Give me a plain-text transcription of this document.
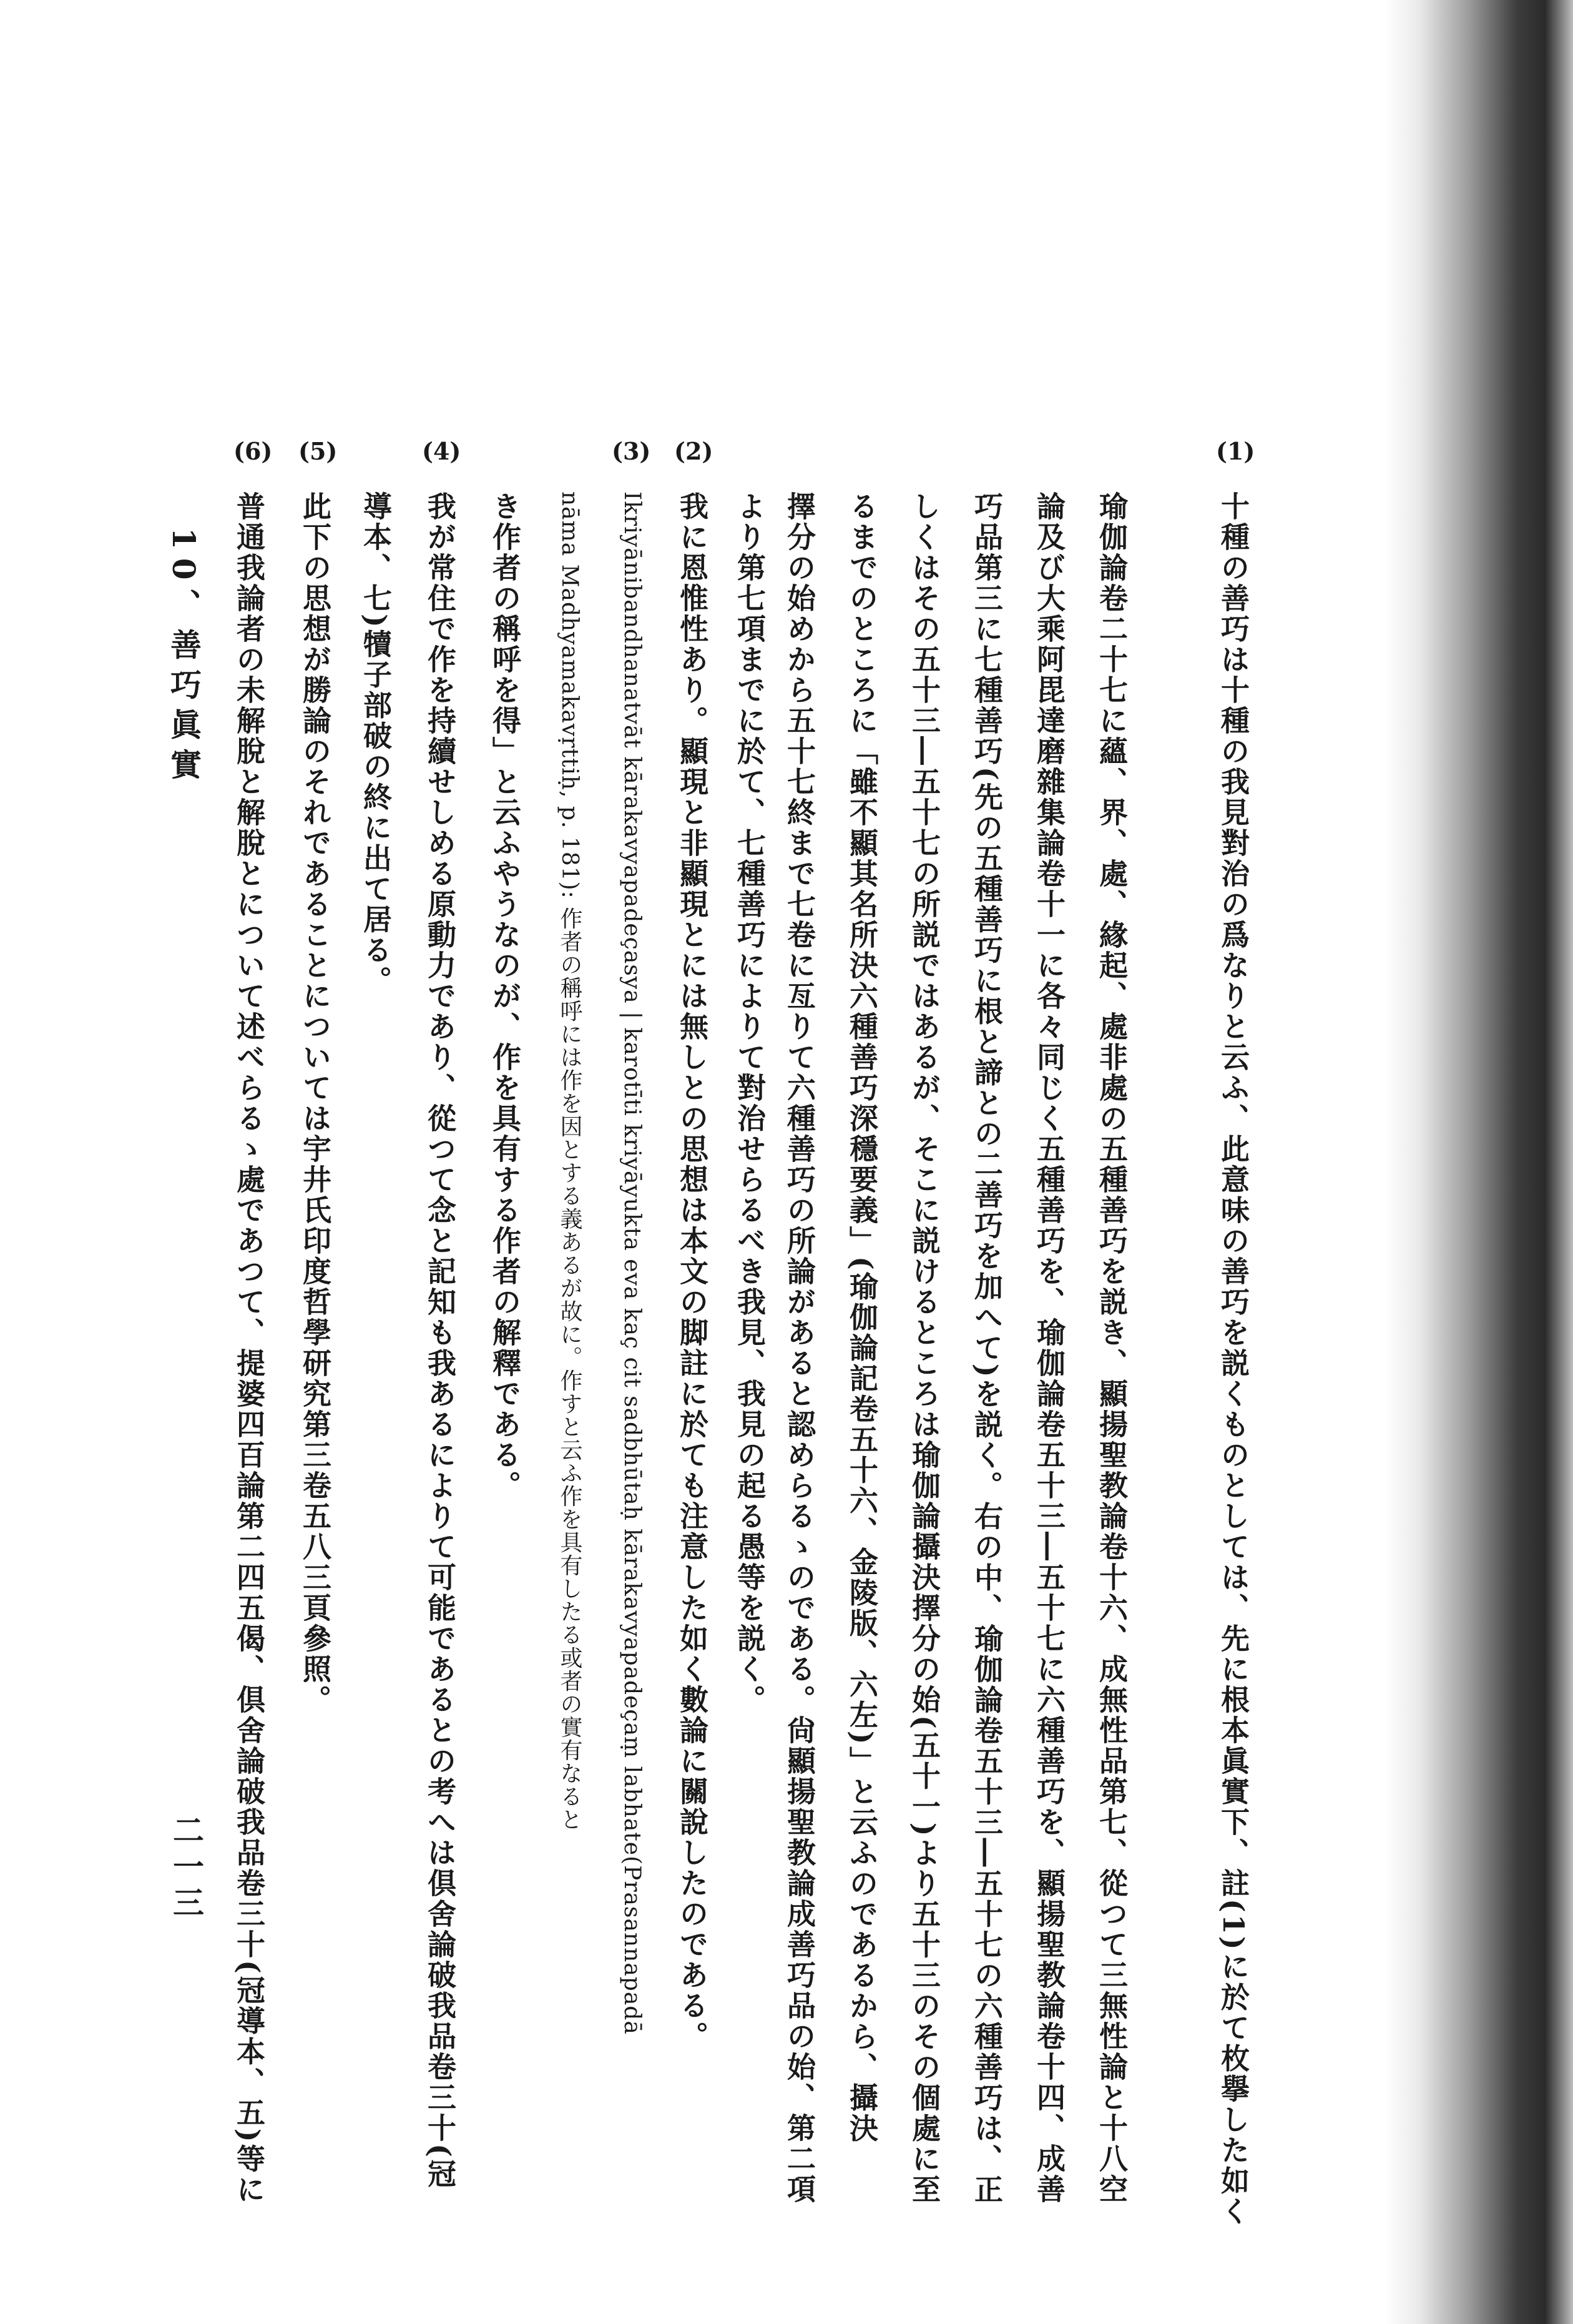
(1)
十種の善巧は十種の我見對治の爲なりと云ふ、此意味の善巧を説くものとしては、先に根本眞實下、註(1)に於て枚擧した如く
瑜伽論卷二十七に蘊、界、處、緣起、處非處の五種善巧を説き、顯揚聖教論卷十六、成無性品第七、從つて三無性論と十八空
論及び大乘阿毘達磨雜集論卷十一に各々同じく五種善巧を、瑜伽論卷五十三―五十七に六種善巧を、顯揚聖教論卷十四、成善
巧品第三に七種善巧(先の五種善巧に根と諦との二善巧を加へて)を説く。右の中、瑜伽論卷五十三―五十七の六種善巧は、正
しくはその五十三―五十七の所説ではあるが、そこに説けるところは瑜伽論攝決擇分の始(五十一)より五十三のその個處に至
るまでのところに「雖不顯其名所決六種善巧深穩要義」(瑜伽論記卷五十六、金陵版、六左)」と云ふのであるから、攝決
擇分の始めから五十七終まで七卷に亙りて六種善巧の所論があると認めらるゝのである。尙顯揚聖教論成善巧品の始、第二項
より第七項までに於て、七種善巧によりて對治せらるべき我見、我見の起る愚等を説く。
(2)
我に恩惟性あり。顯現と非顯現とには無しとの思想は本文の脚註に於ても注意した如く數論に關說したのである。
(3)
Ikriyānibandhanatvāt kārakavyapadeçasya | karotīti kriyāyukta eva kaç cit sadbhūtaḥ kārakavyapadeçaṃ labhate(Prasannapadā
nāma Madhyamakavṛttiḥ, p. 181): 作者の稱呼には作を因とする義あるが故に。作すと云ふ作を具有したる或者の實有なると
き作者の稱呼を得」と云ふやうなのが、作を具有する作者の解釋である。
(4)
我が常住で作を持續せしめる原動力であり、從つて念と記知も我あるによりて可能であるとの考へは倶舍論破我品卷三十(冠
導本、七)犢子部破の終に出て居る。
(5)
此下の思想が勝論のそれであることについては宇井氏印度哲學研究第三卷五八三頁參照。
(6)
普通我論者の未解脫と解脫とについて述べらるゝ處であつて、提婆四百論第二四五偈、倶舍論破我品卷三十(冠導本、五)等に
10、善巧眞實
二一三
